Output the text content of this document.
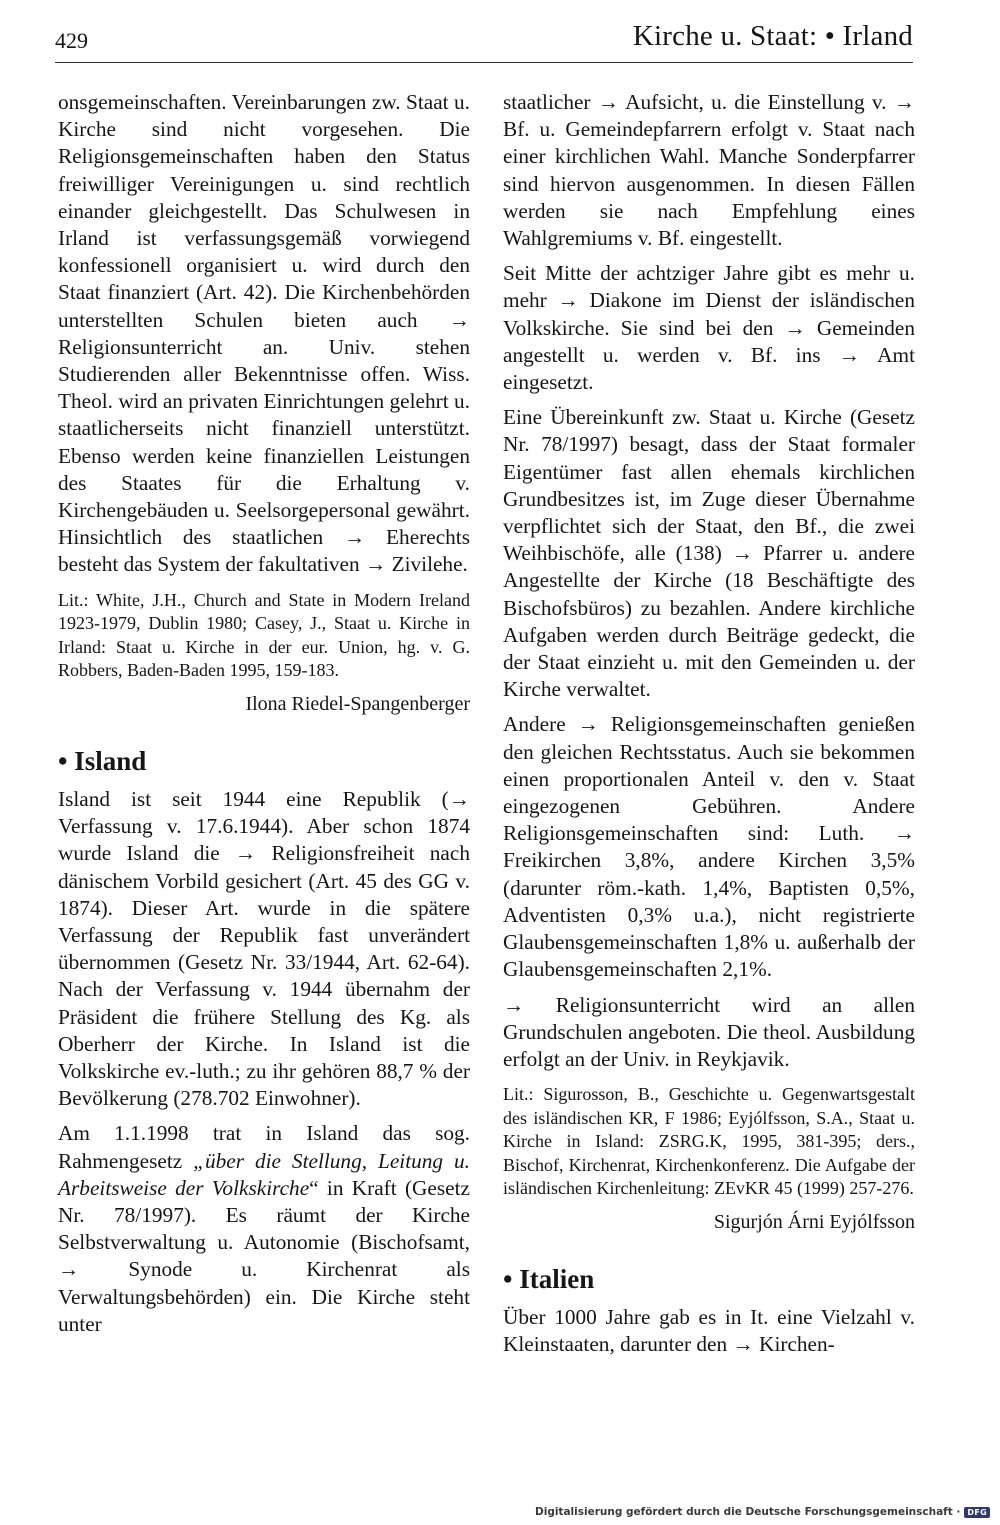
429	Kirche u. Staat: • Irland

onsgemeinschaften. Vereinbarungen zw. Staat u. Kirche sind nicht vorgesehen. Die Religionsgemeinschaften haben den Status freiwilliger Vereinigungen u. sind rechtlich einander gleichgestellt. Das Schulwesen in Irland ist verfassungsgemäß vorwiegend konfessionell organisiert u. wird durch den Staat finanziert (Art. 42). Die Kirchenbehörden unterstellten Schulen bieten auch → Religionsunterricht an. Univ. stehen Studierenden aller Bekenntnisse offen. Wiss. Theol. wird an privaten Einrichtungen gelehrt u. staatlicherseits nicht finanziell unterstützt. Ebenso werden keine finanziellen Leistungen des Staates für die Erhaltung v. Kirchengebäuden u. Seelsorgepersonal gewährt. Hinsichtlich des staatlichen → Eherechts besteht das System der fakultativen → Zivilehe.

Lit.: White, J.H., Church and State in Modern Ireland 1923-1979, Dublin 1980; Casey, J., Staat u. Kirche in Irland: Staat u. Kirche in der eur. Union, hg. v. G. Robbers, Baden-Baden 1995, 159-183.

Ilona Riedel-Spangenberger

• Island

Island ist seit 1944 eine Republik (→ Verfassung v. 17.6.1944). Aber schon 1874 wurde Island die → Religionsfreiheit nach dänischem Vorbild gesichert (Art. 45 des GG v. 1874). Dieser Art. wurde in die spätere Verfassung der Republik fast unverändert übernommen (Gesetz Nr. 33/1944, Art. 62-64). Nach der Verfassung v. 1944 übernahm der Präsident die frühere Stellung des Kg. als Oberherr der Kirche. In Island ist die Volkskirche ev.-luth.; zu ihr gehören 88,7 % der Bevölkerung (278.702 Einwohner).

Am 1.1.1998 trat in Island das sog. Rahmengesetz „über die Stellung, Leitung u. Arbeitsweise der Volkskirche“ in Kraft (Gesetz Nr. 78/1997). Es räumt der Kirche Selbstverwaltung u. Autonomie (Bischofsamt, → Synode u. Kirchenrat als Verwaltungsbehörden) ein. Die Kirche steht unter

staatlicher → Aufsicht, u. die Einstellung v. → Bf. u. Gemeindepfarrern erfolgt v. Staat nach einer kirchlichen Wahl. Manche Sonderpfarrer sind hiervon ausgenommen. In diesen Fällen werden sie nach Empfehlung eines Wahlgremiums v. Bf. eingestellt.

Seit Mitte der achtziger Jahre gibt es mehr u. mehr → Diakone im Dienst der isländischen Volkskirche. Sie sind bei den → Gemeinden angestellt u. werden v. Bf. ins → Amt eingesetzt.

Eine Übereinkunft zw. Staat u. Kirche (Gesetz Nr. 78/1997) besagt, dass der Staat formaler Eigentümer fast allen ehemals kirchlichen Grundbesitzes ist, im Zuge dieser Übernahme verpflichtet sich der Staat, den Bf., die zwei Weihbischöfe, alle (138) → Pfarrer u. andere Angestellte der Kirche (18 Beschäftigte des Bischofsbüros) zu bezahlen. Andere kirchliche Aufgaben werden durch Beiträge gedeckt, die der Staat einzieht u. mit den Gemeinden u. der Kirche verwaltet.

Andere → Religionsgemeinschaften genießen den gleichen Rechtsstatus. Auch sie bekommen einen proportionalen Anteil v. den v. Staat eingezogenen Gebühren. Andere Religionsgemeinschaften sind: Luth. → Freikirchen 3,8%, andere Kirchen 3,5% (darunter röm.-kath. 1,4%, Baptisten 0,5%, Adventisten 0,3% u.a.), nicht registrierte Glaubensgemeinschaften 1,8% u. außerhalb der Glaubensgemeinschaften 2,1%.

→ Religionsunterricht wird an allen Grundschulen angeboten. Die theol. Ausbildung erfolgt an der Univ. in Reykjavik.

Lit.: Sigurosson, B., Geschichte u. Gegenwartsgestalt des isländischen KR, F 1986; Eyjólfsson, S.A., Staat u. Kirche in Island: ZSRG.K, 1995, 381-395; ders., Bischof, Kirchenrat, Kirchenkonferenz. Die Aufgabe der isländischen Kirchenleitung: ZEvKR 45 (1999) 257-276.

Sigurjón Árni Eyjólfsson

• Italien

Über 1000 Jahre gab es in It. eine Vielzahl v. Kleinstaaten, darunter den → Kirchen-

Digitalisierung gefördert durch die Deutsche Forschungsgemeinschaft · DFG
